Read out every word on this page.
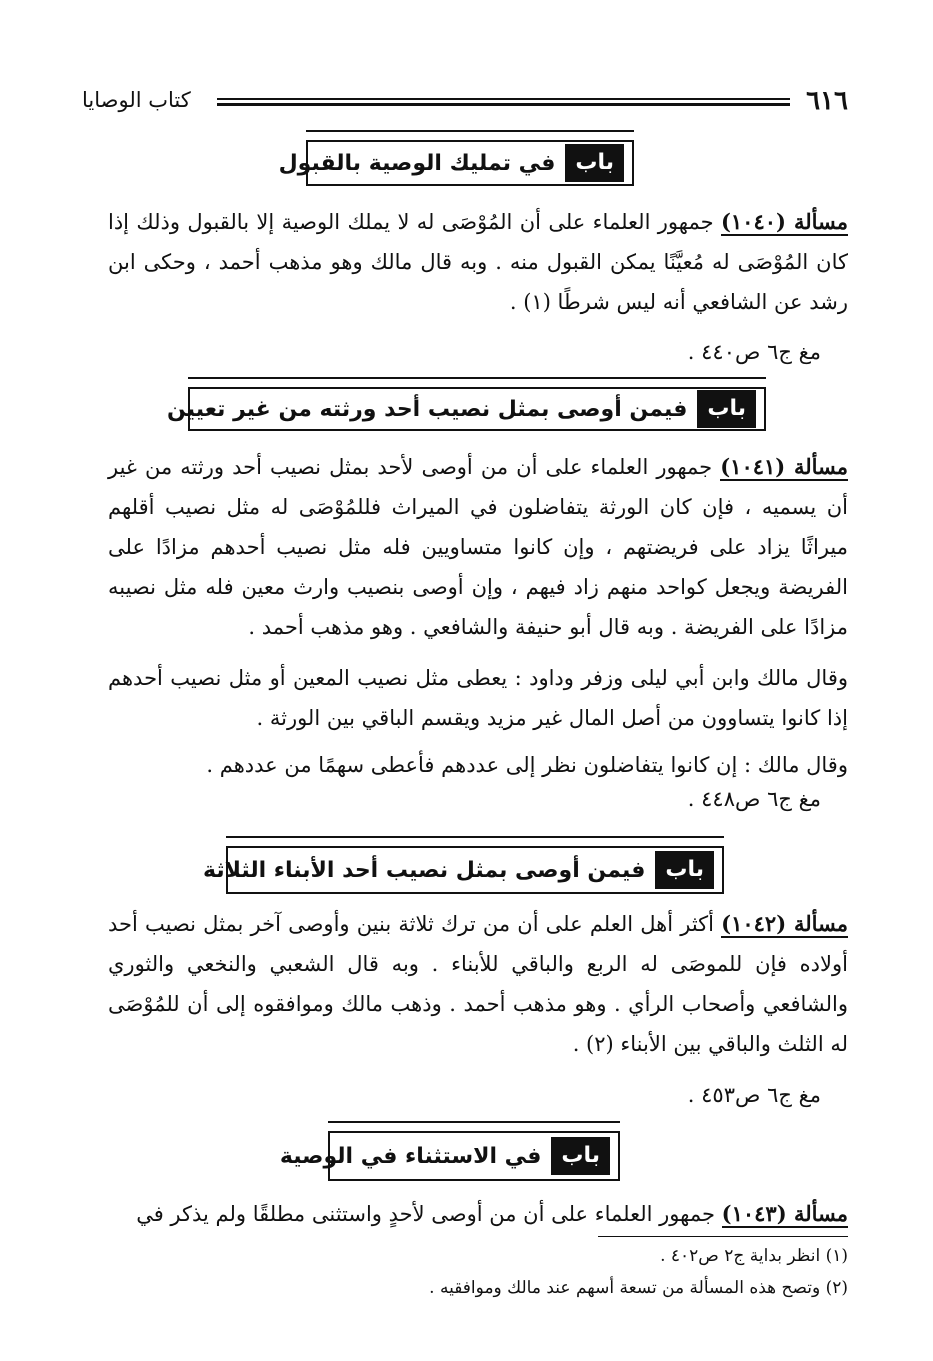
٦١٦
كتاب الوصايا
باب
في تمليك الوصية بالقبول
مسألة (١٠٤٠) جمهور العلماء على أن المُوْصَى له لا يملك الوصية إلا بالقبول وذلك إذا كان المُوْصَى له مُعيَّنًا يمكن القبول منه . وبه قال مالك وهو مذهب أحمد ، وحكى ابن رشد عن الشافعي أنه ليس شرطًا (١) .
مغ ج٦ ص٤٤٠ .
باب
فيمن أوصى بمثل نصيب أحد ورثته من غير تعيين
مسألة (١٠٤١) جمهور العلماء على أن من أوصى لأحد بمثل نصيب أحد ورثته من غير أن يسميه ، فإن كان الورثة يتفاضلون في الميراث فللمُوْصَى له مثل نصيب أقلهم ميراثًا يزاد على فريضتهم ، وإن كانوا متساويين فله مثل نصيب أحدهم مزادًا على الفريضة ويجعل كواحد منهم زاد فيهم ، وإن أوصى بنصيب وارث معين فله مثل نصيبه مزادًا على الفريضة . وبه قال أبو حنيفة والشافعي . وهو مذهب أحمد .
وقال مالك وابن أبي ليلى وزفر وداود : يعطى مثل نصيب المعين أو مثل نصيب أحدهم إذا كانوا يتساوون من أصل المال غير مزيد ويقسم الباقي بين الورثة .
وقال مالك : إن كانوا يتفاضلون نظر إلى عددهم فأعطى سهمًا من عددهم .
مغ ج٦ ص٤٤٨ .
باب
فيمن أوصى بمثل نصيب أحد الأبناء الثلاثة
مسألة (١٠٤٢) أكثر أهل العلم على أن من ترك ثلاثة بنين وأوصى آخر بمثل نصيب أحد أولاده فإن للموصَى له الربع والباقي للأبناء . وبه قال الشعبي والنخعي والثوري والشافعي وأصحاب الرأي . وهو مذهب أحمد . وذهب مالك وموافقوه إلى أن للمُوْصَى له الثلث والباقي بين الأبناء (٢) .
مغ ج٦ ص٤٥٣ .
باب
في الاستثناء في الوصية
مسألة (١٠٤٣) جمهور العلماء على أن من أوصى لأحدٍ واستثنى مطلقًا ولم يذكر في
(١) انظر بداية ج٢ ص٤٠٢ .
(٢) وتصح هذه المسألة من تسعة أسهم عند مالك وموافقيه .
